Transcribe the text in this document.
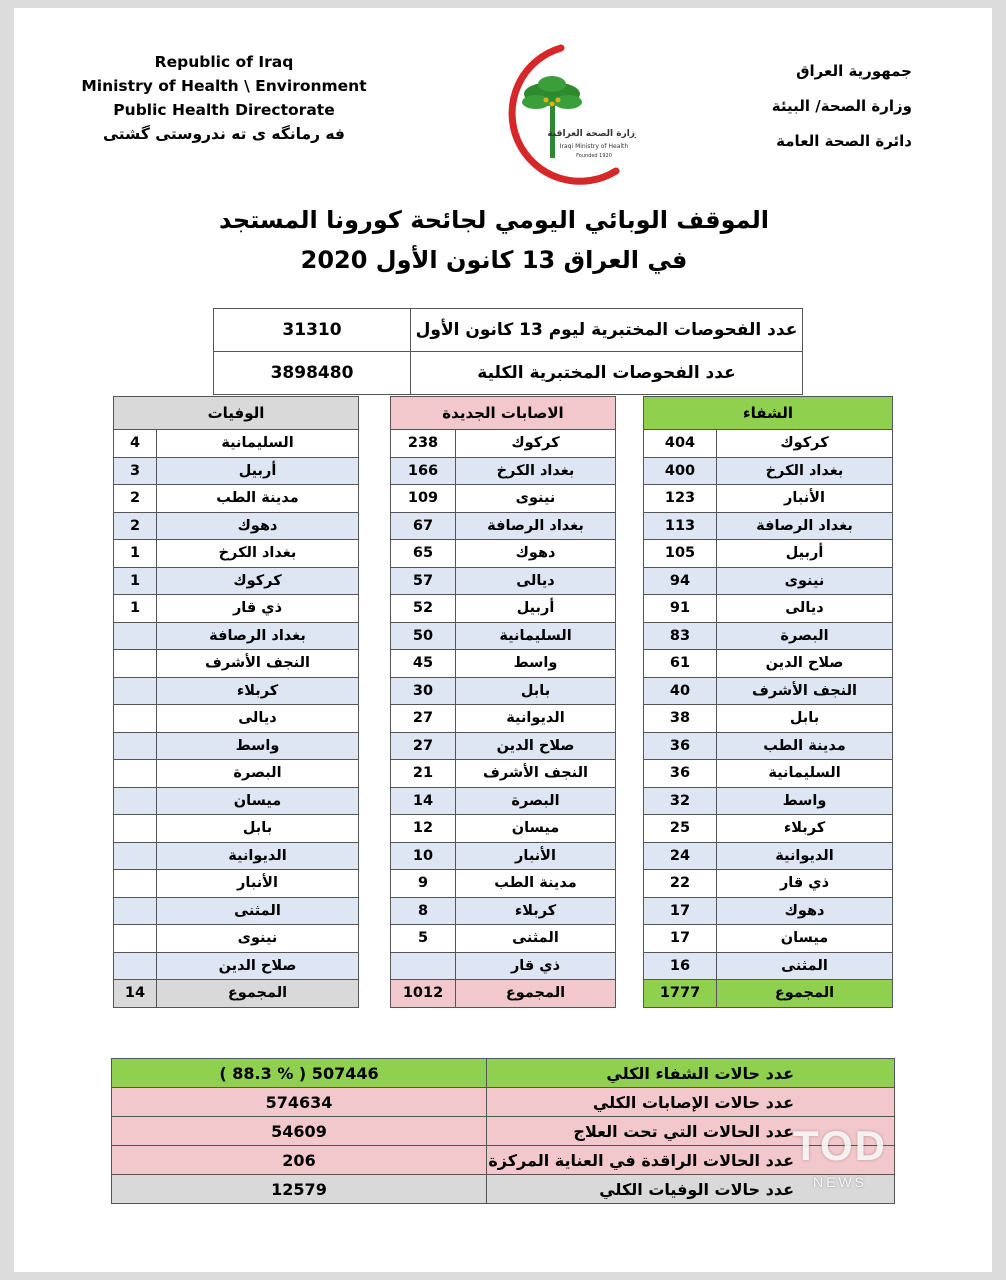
Republic of Iraq
Ministry of Health \ Environment
Public Health Directorate
فه رمانگه ی ته ندروستی گشتی	وزارة الصحة العراقية
Iraqi Ministry of Health
Founded 1920
جمهورية العراق
وزارة الصحة/ البيئة
دائرة الصحة العامة
الموقف الوبائي اليومي لجائحة كورونا المستجد
في العراق 13 كانون الأول 2020
31310	عدد الفحوصات المختبرية ليوم 13 كانون الأول
3898480	عدد الفحوصات المختبرية الكلية
الوفيات	
4	السليمانية
3	أربيل
2	مدينة الطب
2	دهوك
1	بغداد الكرخ
1	كركوك
1	ذي قار
	بغداد الرصافة
	النجف الأشرف
	كربلاء
	ديالى
	واسط
	البصرة
	ميسان
	بابل
	الديوانية
	الأنبار
	المثنى
	نينوى
	صلاح الدين
14	المجموع
الاصابات الجديدة	
238	كركوك
166	بغداد الكرخ
109	نينوى
67	بغداد الرصافة
65	دهوك
57	ديالى
52	أربيل
50	السليمانية
45	واسط
30	بابل
27	الديوانية
27	صلاح الدين
21	النجف الأشرف
14	البصرة
12	ميسان
10	الأنبار
9	مدينة الطب
8	كربلاء
5	المثنى
	ذي قار
1012	المجموع
الشفاء	
404	كركوك
400	بغداد الكرخ
123	الأنبار
113	بغداد الرصافة
105	أربيل
94	نينوى
91	ديالى
83	البصرة
61	صلاح الدين
40	النجف الأشرف
38	بابل
36	مدينة الطب
36	السليمانية
32	واسط
25	كربلاء
24	الديوانية
22	ذي قار
17	دهوك
17	ميسان
16	المثنى
1777	المجموع
( 88.3 % ) 507446	عدد حالات الشفاء الكلي
574634	عدد حالات الإصابات الكلي
54609	عدد الحالات التي تحت العلاج
206	عدد الحالات الراقدة في العناية المركزة
12579	عدد حالات الوفيات الكلي
TOD
NEWS
